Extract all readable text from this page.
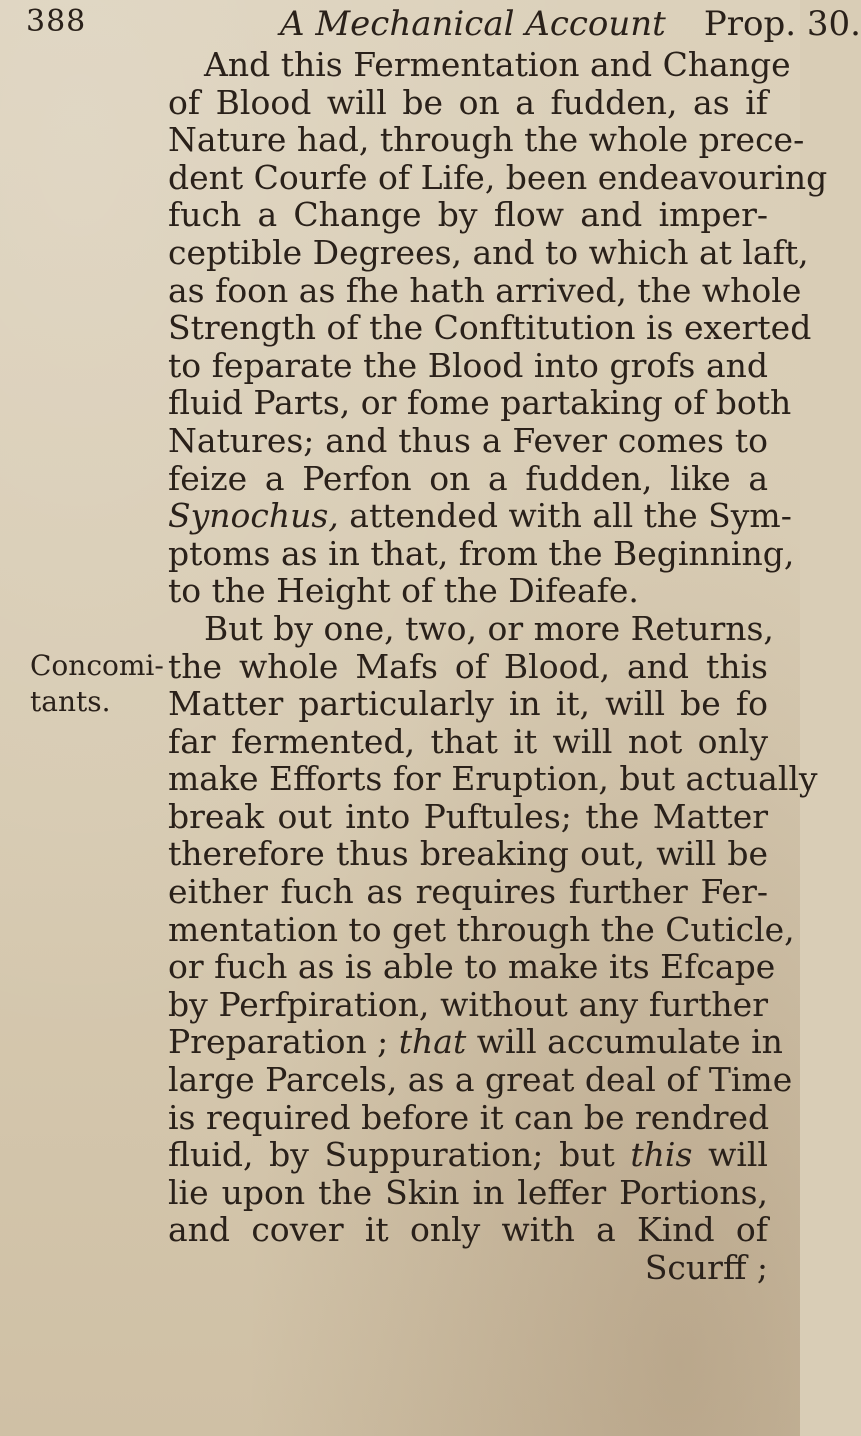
388	A Mechanical Account Prop. 30.
Concomi-
tants.
And this Fermentation and Change
of Blood will be on a fudden, as if
Nature had, through the whole prece-
dent Courfe of Life, been endeavouring
fuch a Change by flow and imper-
ceptible Degrees, and to which at laft,
as foon as fhe hath arrived, the whole
Strength of the Conftitution is exerted
to feparate the Blood into grofs and
fluid Parts, or fome partaking of both
Natures; and thus a Fever comes to
feize a Perfon on a fudden, like a
Synochus, attended with all the Sym-
ptoms as in that, from the Beginning,
to the Height of the Difeafe.
But by one, two, or more Returns,
the whole Mafs of Blood, and this
Matter particularly in it, will be fo
far fermented, that it will not only
make Efforts for Eruption, but actually
break out into Puftules; the Matter
therefore thus breaking out, will be
either fuch as requires further Fer-
mentation to get through the Cuticle,
or fuch as is able to make its Efcape
by Perfpiration, without any further
Preparation ; that will accumulate in
large Parcels, as a great deal of Time
is required before it can be rendred
fluid, by Suppuration; but this will
lie upon the Skin in leffer Portions,
and cover it only with a Kind of
Scurff ;
